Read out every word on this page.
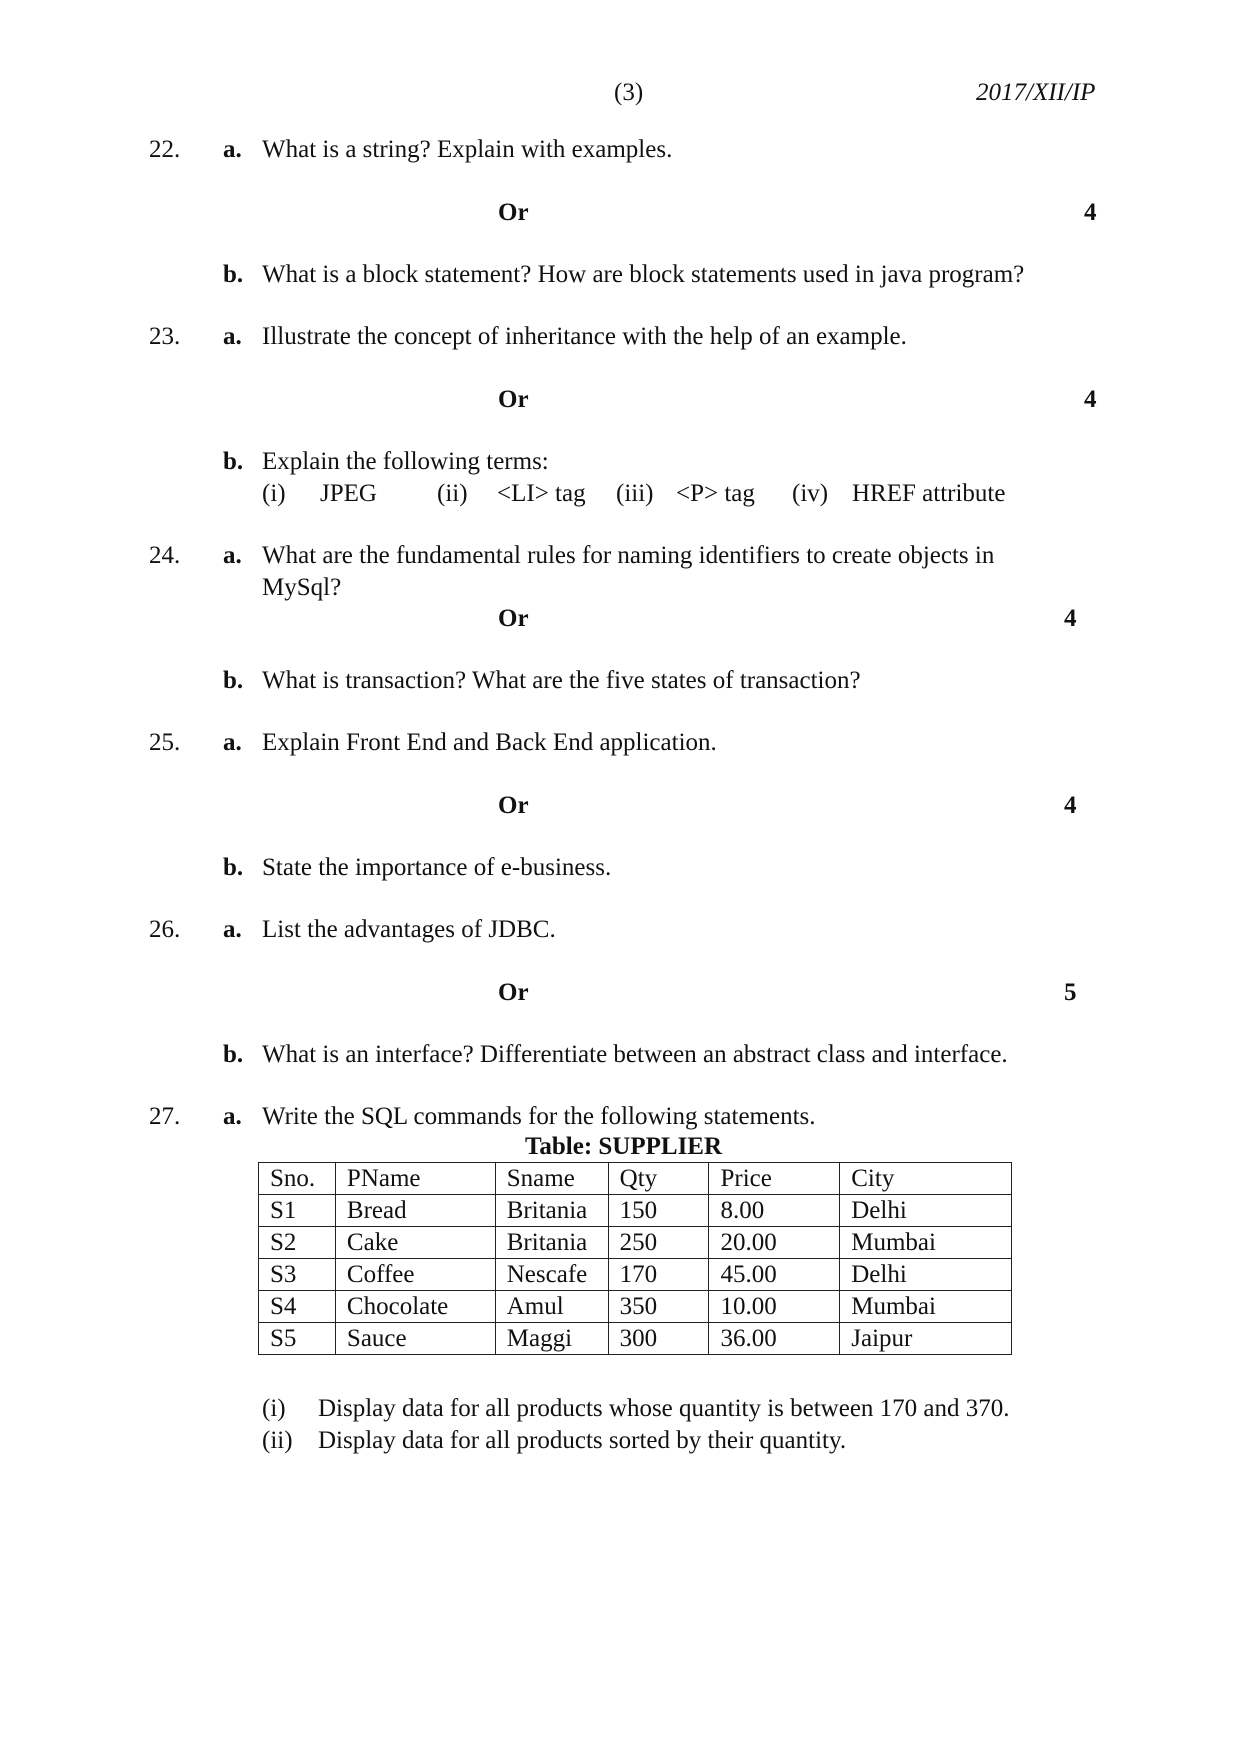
(3)	2017/XII/IP
22. a. What is a string? Explain with examples.
Or	4
b. What is a block statement? How are block statements used in java program?
23. a. Illustrate the concept of inheritance with the help of an example.
Or	4
b. Explain the following terms:
(i) JPEG (ii) <LI> tag (iii) <P> tag (iv) HREF attribute
24. a. What are the fundamental rules for naming identifiers to create objects in
MySql?
Or	4
b. What is transaction? What are the five states of transaction?
25. a. Explain Front End and Back End application.
Or	4
b. State the importance of e-business.
26. a. List the advantages of JDBC.
Or	5
b. What is an interface? Differentiate between an abstract class and interface.
27. a. Write the SQL commands for the following statements.
Table: SUPPLIER
Sno.	PName	Sname	Qty	Price	City
S1	Bread	Britania	150	8.00	Delhi
S2	Cake	Britania	250	20.00	Mumbai
S3	Coffee	Nescafe	170	45.00	Delhi
S4	Chocolate	Amul	350	10.00	Mumbai
S5	Sauce	Maggi	300	36.00	Jaipur
(i) Display data for all products whose quantity is between 170 and 370.
(ii) Display data for all products sorted by their quantity.
